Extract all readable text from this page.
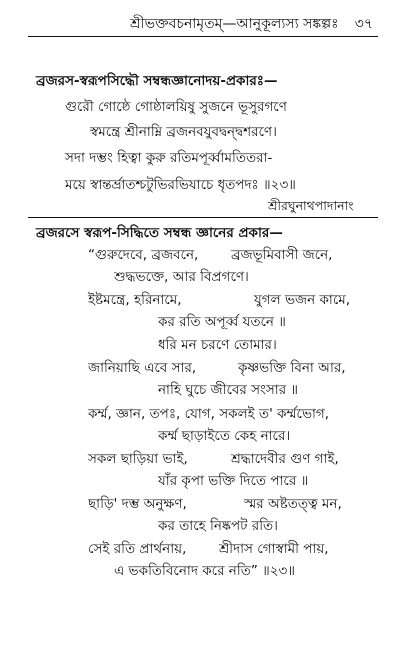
শ্রীভক্তবচনামৃতম্‌—আনুকূল্যস্য সঙ্কল্পঃ ৩৭
ব্রজরস-স্বরূপসিদ্ধৌ সম্বন্ধজ্ঞানোদয়-প্রকারঃ—
গুরৌ গোষ্ঠে গোষ্ঠালয়িষু সুজনে ভূসুরগণে
স্বমন্ত্রে শ্রীনাম্নি ব্রজনবযুবদ্বন্দ্বশরণে।
সদা দম্ভং হিত্বা কুরু রতিমপূর্ব্বামতিতরা-
ময়ে স্বান্তর্ভ্রাতশ্চটুভিরভিযাচে ধৃতপদঃ ॥২৩॥
শ্রীরঘুনাথপাদানাং
ব্রজরসে স্বরূপ-সিদ্ধিতে সম্বন্ধ জ্ঞানের প্রকার—
“গুরুদেবে, ব্রজবনে, ব্রজভূমিবাসী জনে,
শুদ্ধভক্তে, আর বিপ্রগণে।
ইষ্টমন্ত্রে, হরিনামে,	যুগল ভজন কামে,
কর রতি অপূর্ব্ব যতনে ॥
ধরি মন চরণে তোমার।
জানিয়াছি এবে সার,	কৃষ্ণভক্তি বিনা আর,
নাহি ঘুচে জীবের সংসার ॥
কর্ম্ম, জ্ঞান, তপঃ, যোগ, সকলই ত' কর্ম্মভোগ,
কর্ম্ম ছাড়াইতে কেহ নারে।
সকল ছাড়িয়া ভাই,	শ্রদ্ধাদেবীর গুণ গাই,
যাঁর কৃপা ভক্তি দিতে পারে ॥
ছাড়ি' দম্ভ অনুক্ষণ,	স্মর অষ্টতত্ত্ব মন,
কর তাহে নিষ্কপট রতি।
সেই রতি প্রার্থনায়, শ্রীদাস গোস্বামী পায়,
এ ভকতিবিনোদ করে নতি” ॥২৩॥
